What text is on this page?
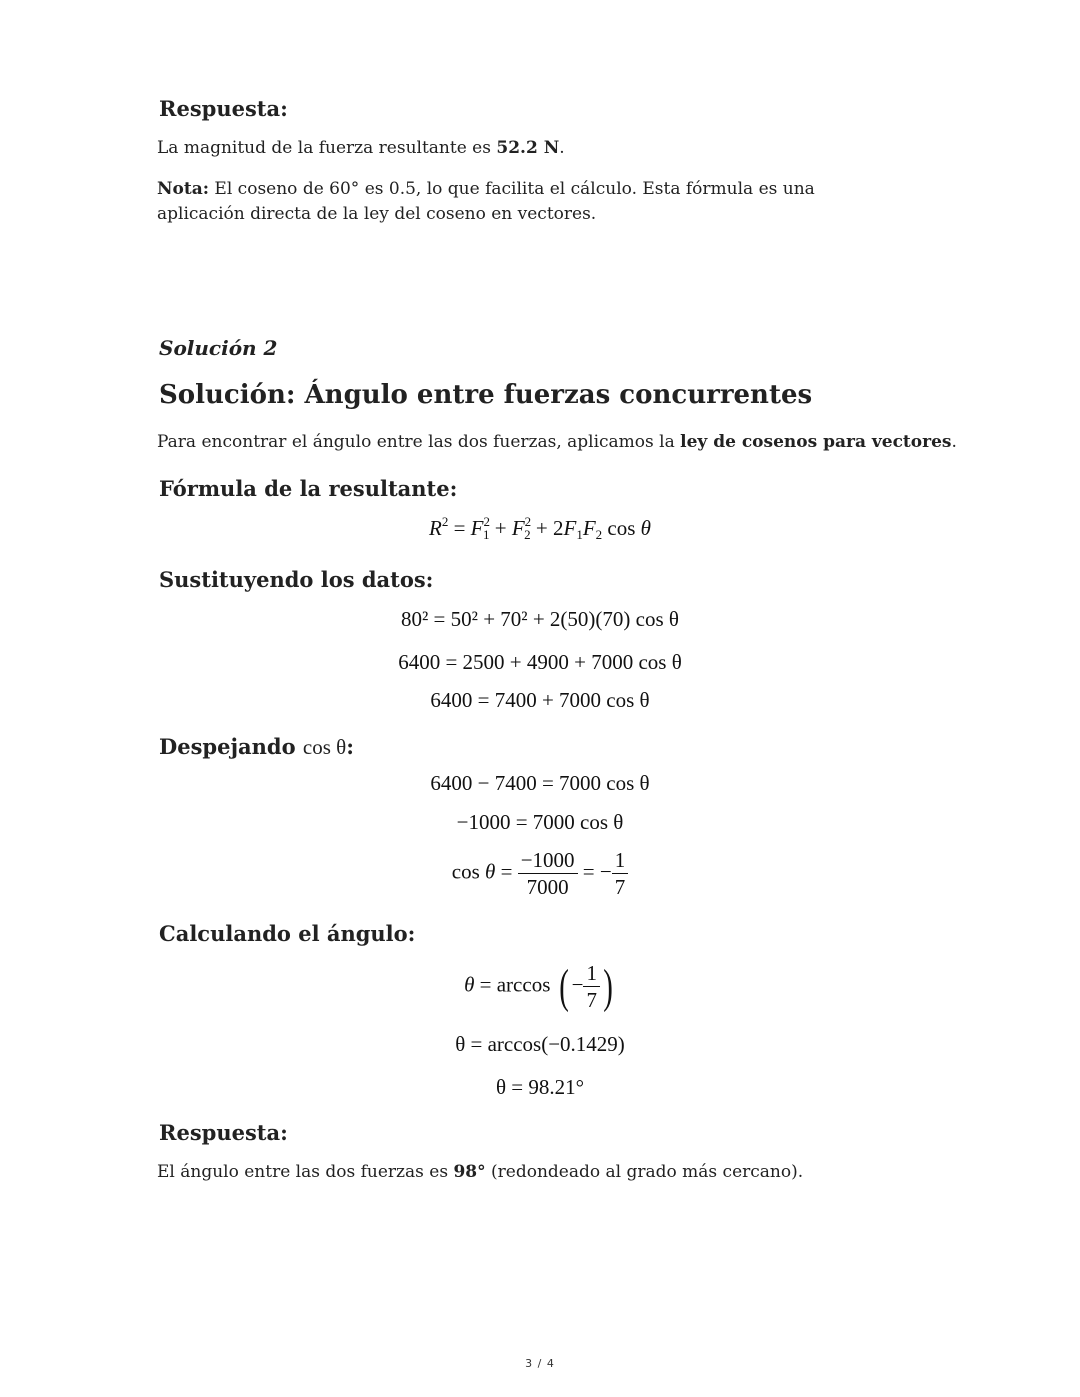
Respuesta:
La magnitud de la fuerza resultante es 52.2 N.
Nota: El coseno de 60° es 0.5, lo que facilita el cálculo. Esta fórmula es una aplicación directa de la ley del coseno en vectores.
Solución 2
Solución: Ángulo entre fuerzas concurrentes
Para encontrar el ángulo entre las dos fuerzas, aplicamos la ley de cosenos para vectores.
Fórmula de la resultante:
$R^2 = F^2_1 + F^2_2 + 2F_1F_2$ cos θ
Sustituyendo los datos:
80² = 50² + 70² + 2(50)(70) cos θ
6400 = 2500 + 4900 + 7000 cos θ
6400 = 7400 + 7000 cos θ
Despejando cos θ:
6400 − 7400 = 7000 cos θ
−1000 = 7000 cos θ
$\cos \theta = \frac{-1000}{7000}$ = − $\frac{1}{7}$
Calculando el ángulo:
θ = arccos ( − $\frac{1}{7}$ )
θ = arccos(−0.1429)
θ = 98.21°
Respuesta:
El ángulo entre las dos fuerzas es 98° (redondeado al grado más cercano).
3 / 4
